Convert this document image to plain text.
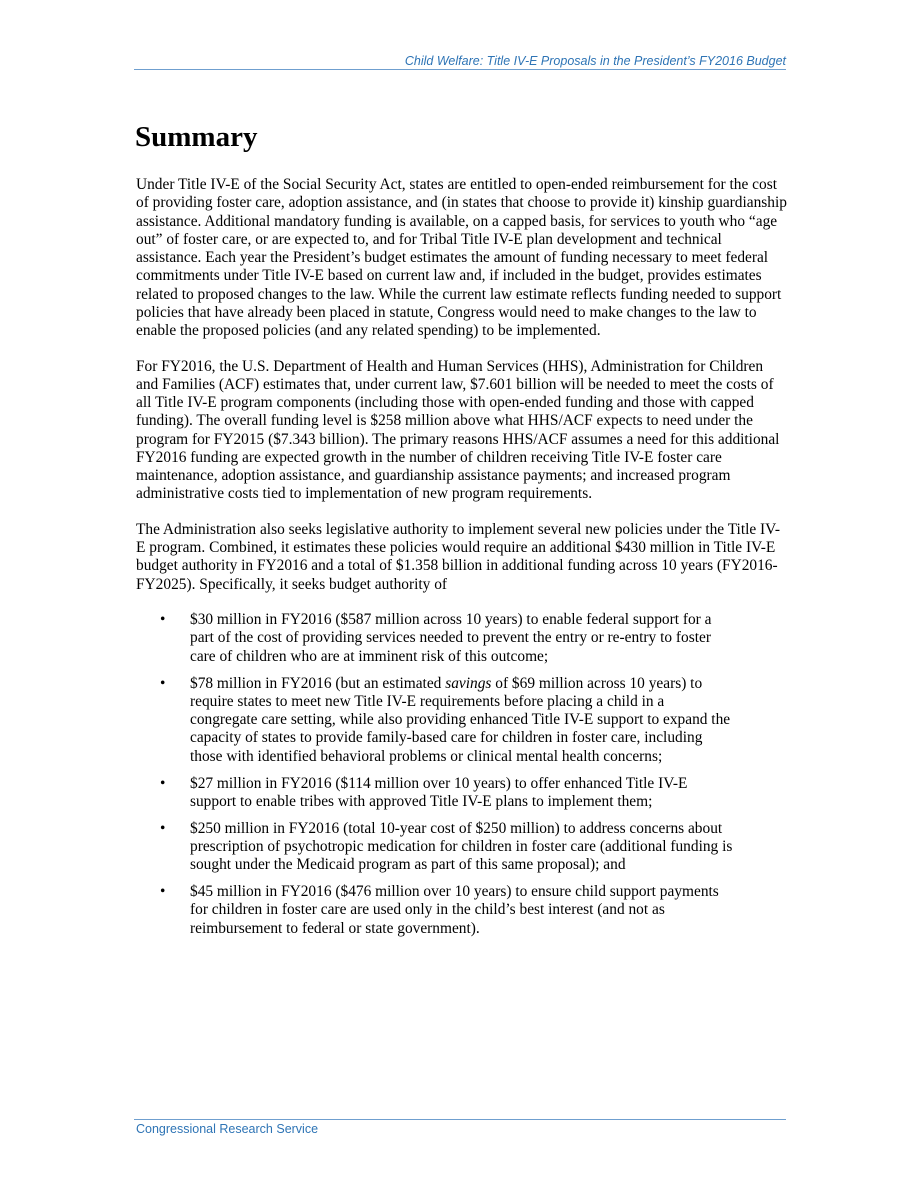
Child Welfare: Title IV-E Proposals in the President’s FY2016 Budget
Summary

Under Title IV-E of the Social Security Act, states are entitled to open-ended reimbursement for the cost of providing foster care, adoption assistance, and (in states that choose to provide it) kinship guardianship assistance. Additional mandatory funding is available, on a capped basis, for services to youth who “age out” of foster care, or are expected to, and for Tribal Title IV-E plan development and technical assistance. Each year the President’s budget estimates the amount of funding necessary to meet federal commitments under Title IV-E based on current law and, if included in the budget, provides estimates related to proposed changes to the law. While the current law estimate reflects funding needed to support policies that have already been placed in statute, Congress would need to make changes to the law to enable the proposed policies (and any related spending) to be implemented.

For FY2016, the U.S. Department of Health and Human Services (HHS), Administration for Children and Families (ACF) estimates that, under current law, $7.601 billion will be needed to meet the costs of all Title IV-E program components (including those with open-ended funding and those with capped funding). The overall funding level is $258 million above what HHS/ACF expects to need under the program for FY2015 ($7.343 billion). The primary reasons HHS/ACF assumes a need for this additional FY2016 funding are expected growth in the number of children receiving Title IV-E foster care maintenance, adoption assistance, and guardianship assistance payments; and increased program administrative costs tied to implementation of new program requirements.

The Administration also seeks legislative authority to implement several new policies under the Title IV-E program. Combined, it estimates these policies would require an additional $430 million in Title IV-E budget authority in FY2016 and a total of $1.358 billion in additional funding across 10 years (FY2016-FY2025). Specifically, it seeks budget authority of

• $30 million in FY2016 ($587 million across 10 years) to enable federal support for a part of the cost of providing services needed to prevent the entry or re-entry to foster care of children who are at imminent risk of this outcome;
• $78 million in FY2016 (but an estimated savings of $69 million across 10 years) to require states to meet new Title IV-E requirements before placing a child in a congregate care setting, while also providing enhanced Title IV-E support to expand the capacity of states to provide family-based care for children in foster care, including those with identified behavioral problems or clinical mental health concerns;
• $27 million in FY2016 ($114 million over 10 years) to offer enhanced Title IV-E support to enable tribes with approved Title IV-E plans to implement them;
• $250 million in FY2016 (total 10-year cost of $250 million) to address concerns about prescription of psychotropic medication for children in foster care (additional funding is sought under the Medicaid program as part of this same proposal); and
• $45 million in FY2016 ($476 million over 10 years) to ensure child support payments for children in foster care are used only in the child’s best interest (and not as reimbursement to federal or state government).
Congressional Research Service
